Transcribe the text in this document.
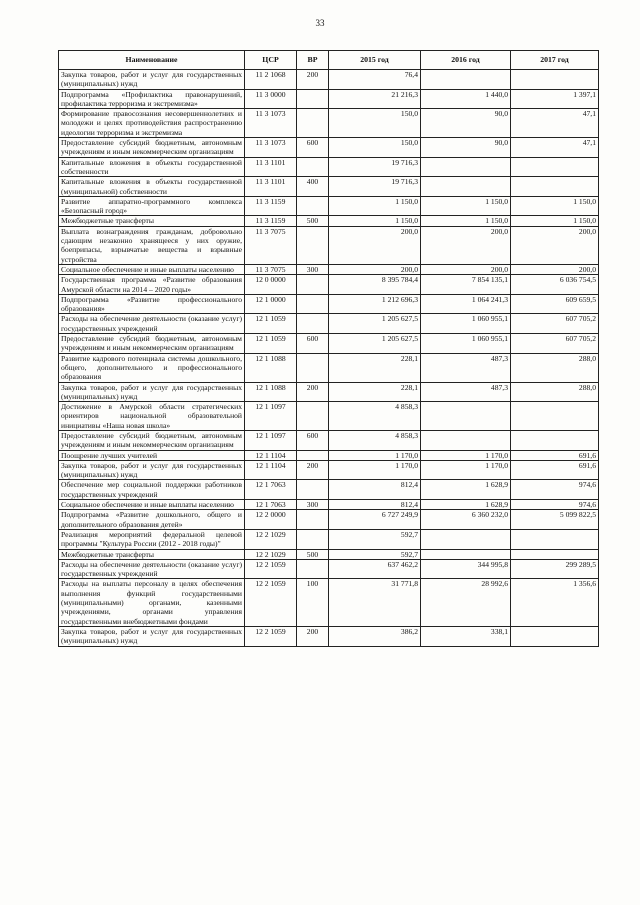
33
Наименование	ЦСР	ВР	2015 год	2016 год	2017 год
Закупка товаров, работ и услуг для государственных (муниципальных) нужд	11 2 1068	200	76,4		
Подпрограмма «Профилактика правонарушений, профилактика терроризма и экстремизма»	11 3 0000		21 216,3	1 440,0	1 397,1
Формирование правосознания несовершеннолетних и молодежи и целях противодействия распространению идеологии терроризма и экстремизма	11 3 1073		150,0	90,0	47,1
Предоставление субсидий бюджетным, автономным учреждениям и иным некоммерческим организациям	11 3 1073	600	150,0	90,0	47,1
Капитальные вложения в объекты государственной собственности	11 3 1101		19 716,3		
Капитальные вложения в объекты государственной (муниципальной) собственности	11 3 1101	400	19 716,3		
Развитие аппаратно-программного комплекса «Безопасный город»	11 3 1159		1 150,0	1 150,0	1 150,0
Межбюджетные трансферты	11 3 1159	500	1 150,0	1 150,0	1 150,0
Выплата вознаграждения гражданам, добровольно сдающим незаконно хранящееся у них оружие, боеприпасы, взрывчатые вещества и взрывные устройства	11 3 7075		200,0	200,0	200,0
Социальное обеспечение и иные выплаты населению	11 3 7075	300	200,0	200,0	200,0
Государственная программа «Развитие образования Амурской области на 2014 – 2020 годы»	12 0 0000		8 395 784,4	7 854 135,1	6 036 754,5
Подпрограмма «Развитие профессионального образования»	12 1 0000		1 212 696,3	1 064 241,3	609 659,5
Расходы на обеспечение деятельности (оказание услуг) государственных учреждений	12 1 1059		1 205 627,5	1 060 955,1	607 705,2
Предоставление субсидий бюджетным, автономным учреждениям и иным некоммерческим организациям	12 1 1059	600	1 205 627,5	1 060 955,1	607 705,2
Развитие кадрового потенциала системы дошкольного, общего, дополнительного и профессионального образования	12 1 1088		228,1	487,3	288,0
Закупка товаров, работ и услуг для государственных (муниципальных) нужд	12 1 1088	200	228,1	487,3	288,0
Достижение в Амурской области стратегических ориентиров национальной образовательной инициативы «Наша новая школа»	12 1 1097		4 858,3		
Предоставление субсидий бюджетным, автономным учреждениям и иным некоммерческим организациям	12 1 1097	600	4 858,3		
Поощрение лучших учителей	12 1 1104		1 170,0	1 170,0	691,6
Закупка товаров, работ и услуг для государственных (муниципальных) нужд	12 1 1104	200	1 170,0	1 170,0	691,6
Обеспечение мер социальной поддержки работников государственных учреждений	12 1 7063		812,4	1 628,9	974,6
Социальное обеспечение и иные выплаты населению	12 1 7063	300	812,4	1 628,9	974,6
Подпрограмма «Развитие дошкольного, общего и дополнительного образования детей»	12 2 0000		6 727 249,9	6 360 232,0	5 099 822,5
Реализация мероприятий федеральной целевой программы "Культура России (2012 - 2018 годы)"	12 2 1029		592,7		
Межбюджетные трансферты	12 2 1029	500	592,7		
Расходы на обеспечение деятельности (оказание услуг) государственных учреждений	12 2 1059		637 462,2	344 995,8	299 289,5
Расходы на выплаты персоналу в целях обеспечения выполнения функций государственными (муниципальными) органами, казенными учреждениями, органами управления государственными внебюджетными фондами	12 2 1059	100	31 771,8	28 992,6	1 356,6
Закупка товаров, работ и услуг для государственных (муниципальных) нужд	12 2 1059	200	386,2	338,1	
